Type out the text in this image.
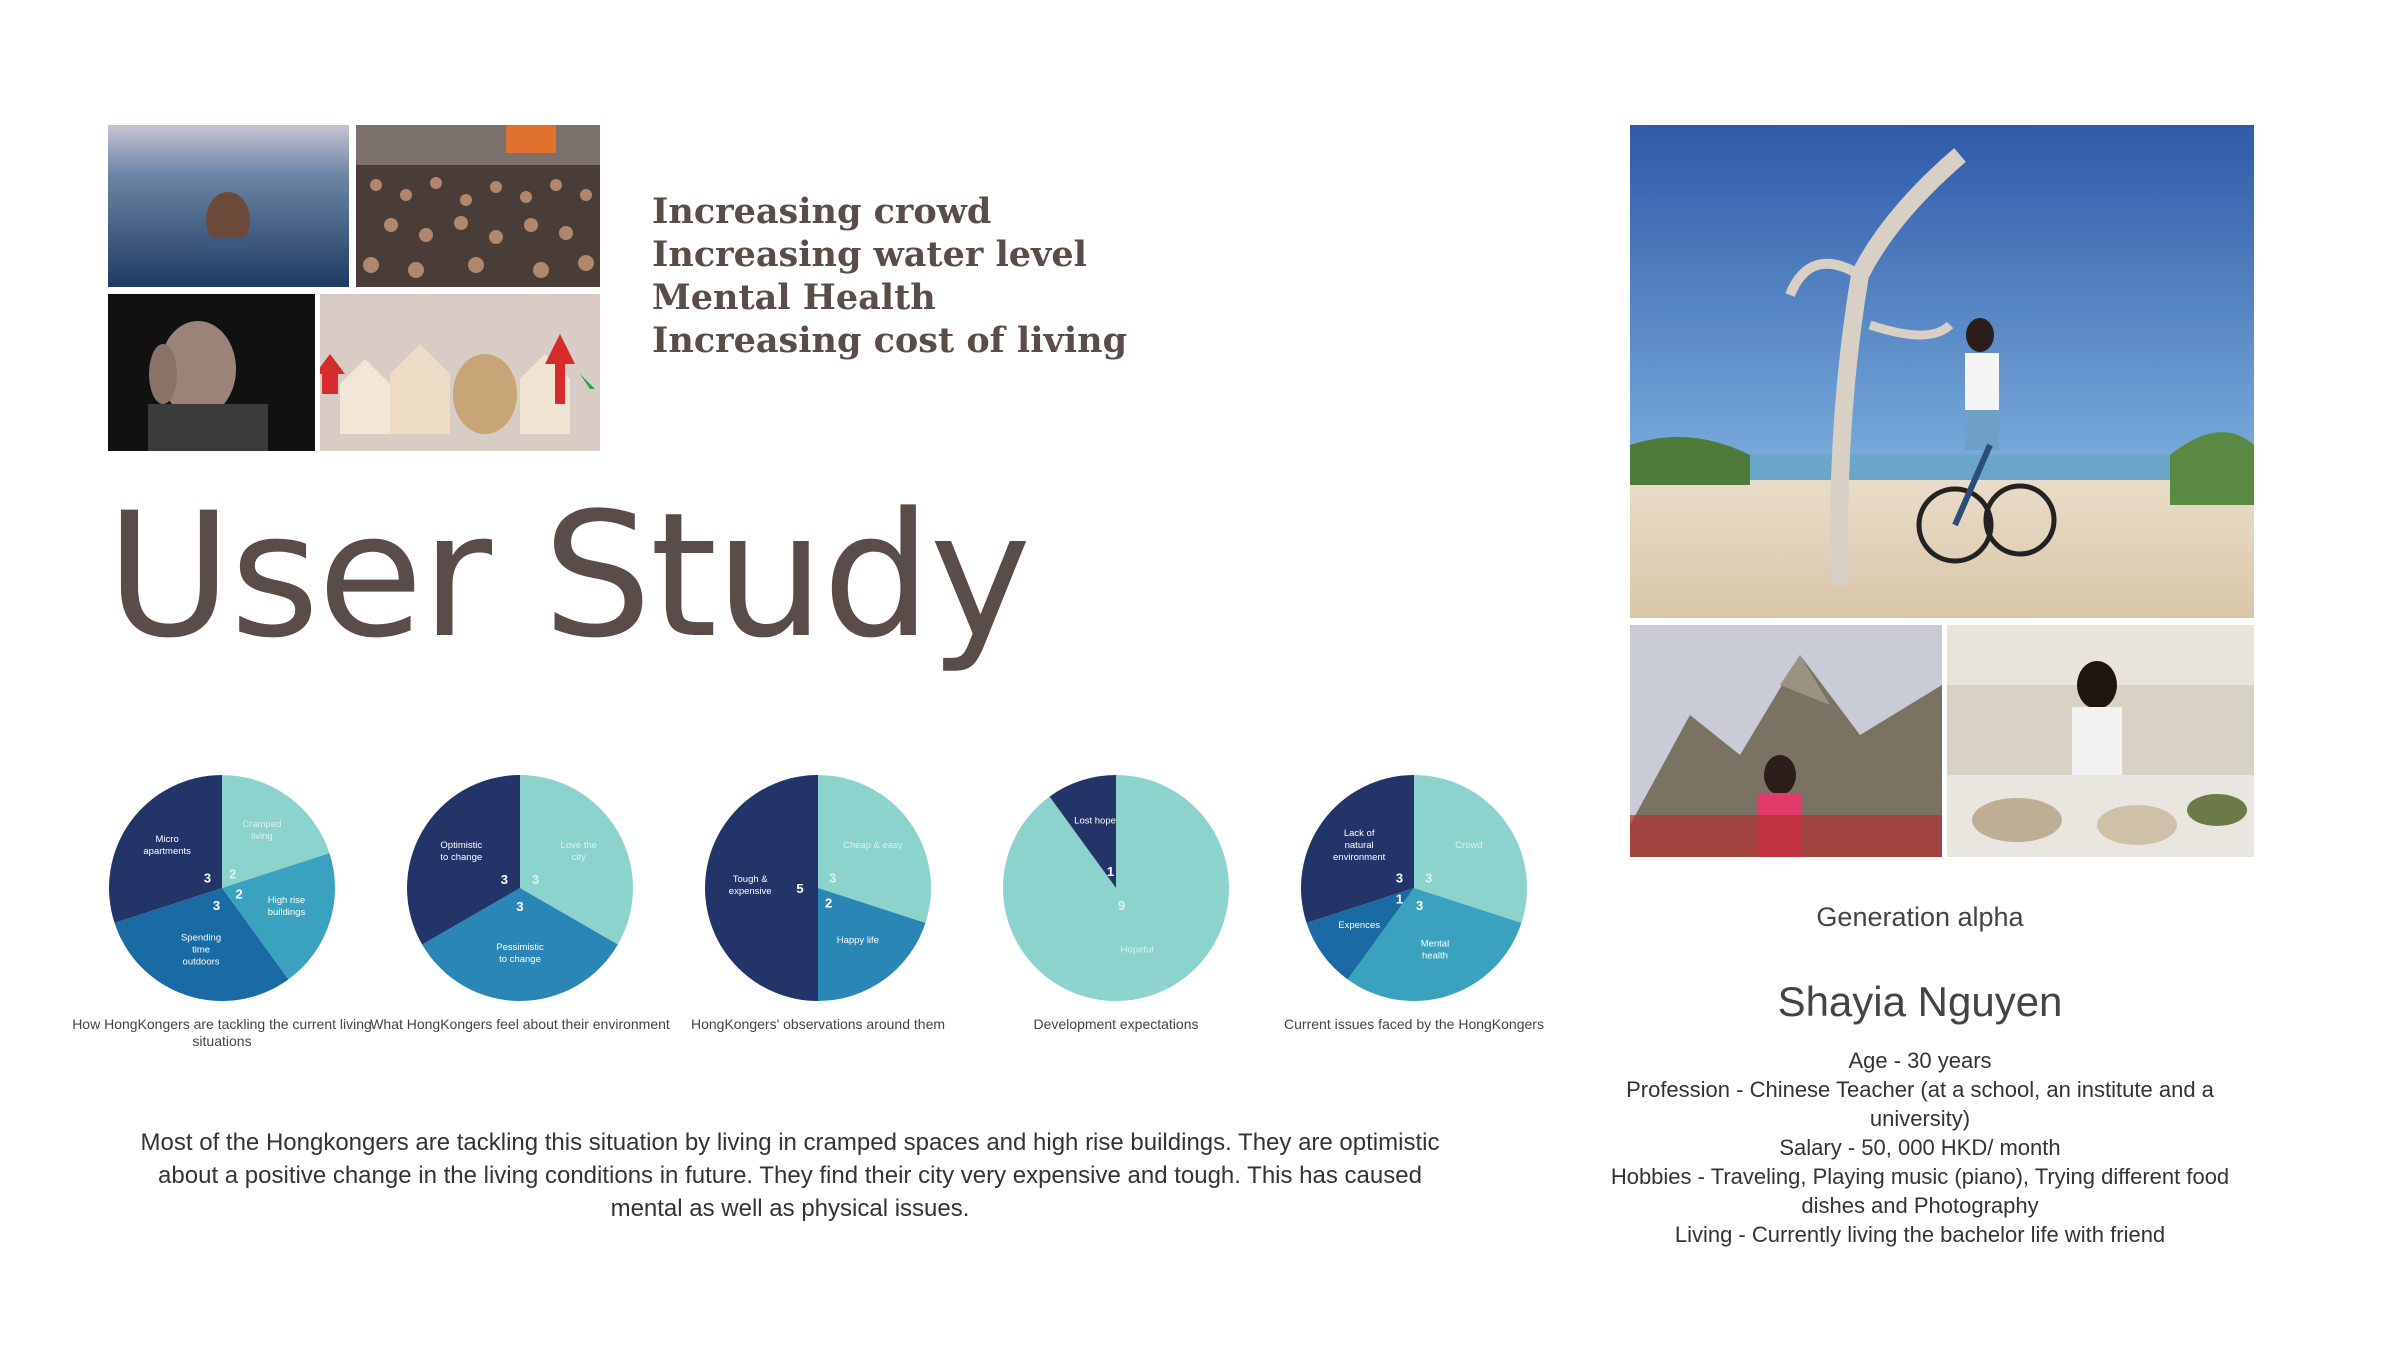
Increasing crowd
Increasing water level
Mental Health
Increasing cost of living
User Study
2
Cramped living
2	High rise buildings
3
Spending time outdoors
3
Micro apartments
How HongKongers are tackling the current living situations
3
Love the city
3
Pessimistic to change
3
Optimistic to change
What HongKongers feel about their environment
3
Cheap & easy
2
Happy life
5
Tough & expensive
HongKongers' observations around them
9
Hopeful
1
Lost hope
Development expectations
3
Crowd
3
Mental health
1
Expences
3
Lack of natural environment
Current issues faced by the HongKongers
Most of the Hongkongers are tackling this situation by living in cramped spaces and high rise buildings. They are optimistic about a positive change in the living conditions in future. They find their city very expensive and tough. This has caused mental as well as physical issues.
Generation alpha
Shayia Nguyen
Age - 30 years
Profession - Chinese Teacher (at a school, an institute and a university)
Salary - 50, 000 HKD/ month
Hobbies - Traveling, Playing music (piano), Trying different food dishes and Photography
Living - Currently living the bachelor life with friend
